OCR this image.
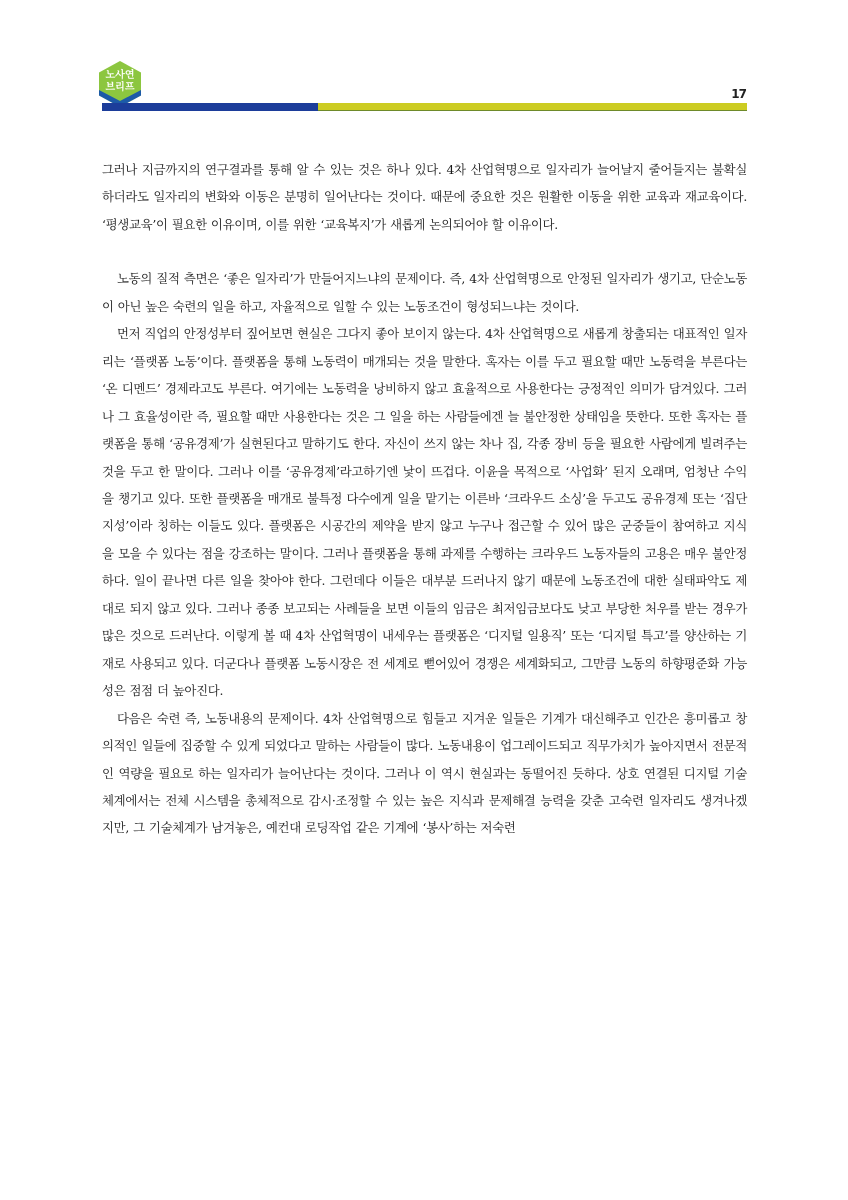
노사연
브리프	17

그러나 지금까지의 연구결과를 통해 알 수 있는 것은 하나 있다. 4차 산업혁명으로 일자리가 늘어날지 줄어들지는 불확실하더라도 일자리의 변화와 이동은 분명히 일어난다는 것이다. 때문에 중요한 것은 원활한 이동을 위한 교육과 재교육이다. ‘평생교육’이 필요한 이유이며, 이를 위한 ‘교육복지’가 새롭게 논의되어야 할 이유이다.

노동의 질적 측면은 ‘좋은 일자리’가 만들어지느냐의 문제이다. 즉, 4차 산업혁명으로 안정된 일자리가 생기고, 단순노동이 아닌 높은 숙련의 일을 하고, 자율적으로 일할 수 있는 노동조건이 형성되느냐는 것이다.

먼저 직업의 안정성부터 짚어보면 현실은 그다지 좋아 보이지 않는다. 4차 산업혁명으로 새롭게 창출되는 대표적인 일자리는 ‘플랫폼 노동’이다. 플랫폼을 통해 노동력이 매개되는 것을 말한다. 혹자는 이를 두고 필요할 때만 노동력을 부른다는 ‘온 디멘드’ 경제라고도 부른다. 여기에는 노동력을 낭비하지 않고 효율적으로 사용한다는 긍정적인 의미가 담겨있다. 그러나 그 효율성이란 즉, 필요할 때만 사용한다는 것은 그 일을 하는 사람들에겐 늘 불안정한 상태임을 뜻한다. 또한 혹자는 플랫폼을 통해 ‘공유경제’가 실현된다고 말하기도 한다. 자신이 쓰지 않는 차나 집, 각종 장비 등을 필요한 사람에게 빌려주는 것을 두고 한 말이다. 그러나 이를 ‘공유경제’라고하기엔 낯이 뜨겁다. 이윤을 목적으로 ‘사업화’ 된지 오래며, 엄청난 수익을 챙기고 있다. 또한 플랫폼을 매개로 불특정 다수에게 일을 맡기는 이른바 ‘크라우드 소싱’을 두고도 공유경제 또는 ‘집단지성’이라 칭하는 이들도 있다. 플랫폼은 시공간의 제약을 받지 않고 누구나 접근할 수 있어 많은 군중들이 참여하고 지식을 모을 수 있다는 점을 강조하는 말이다. 그러나 플랫폼을 통해 과제를 수행하는 크라우드 노동자들의 고용은 매우 불안정하다. 일이 끝나면 다른 일을 찾아야 한다. 그런데다 이들은 대부분 드러나지 않기 때문에 노동조건에 대한 실태파악도 제대로 되지 않고 있다. 그러나 종종 보고되는 사례들을 보면 이들의 임금은 최저임금보다도 낮고 부당한 처우를 받는 경우가 많은 것으로 드러난다. 이렇게 볼 때 4차 산업혁명이 내세우는 플랫폼은 ‘디지털 일용직’ 또는 ‘디지털 특고’를 양산하는 기재로 사용되고 있다. 더군다나 플랫폼 노동시장은 전 세계로 뻗어있어 경쟁은 세계화되고, 그만큼 노동의 하향평준화 가능성은 점점 더 높아진다.

다음은 숙련 즉, 노동내용의 문제이다. 4차 산업혁명으로 힘들고 지겨운 일들은 기계가 대신해주고 인간은 흥미롭고 창의적인 일들에 집중할 수 있게 되었다고 말하는 사람들이 많다. 노동내용이 업그레이드되고 직무가치가 높아지면서 전문적인 역량을 필요로 하는 일자리가 늘어난다는 것이다. 그러나 이 역시 현실과는 동떨어진 듯하다. 상호 연결된 디지털 기술체계에서는 전체 시스템을 총체적으로 감시·조정할 수 있는 높은 지식과 문제해결 능력을 갖춘 고숙련 일자리도 생겨나겠지만, 그 기술체계가 남겨놓은, 예컨대 로딩작업 같은 기계에 ‘봉사’하는 저숙련
